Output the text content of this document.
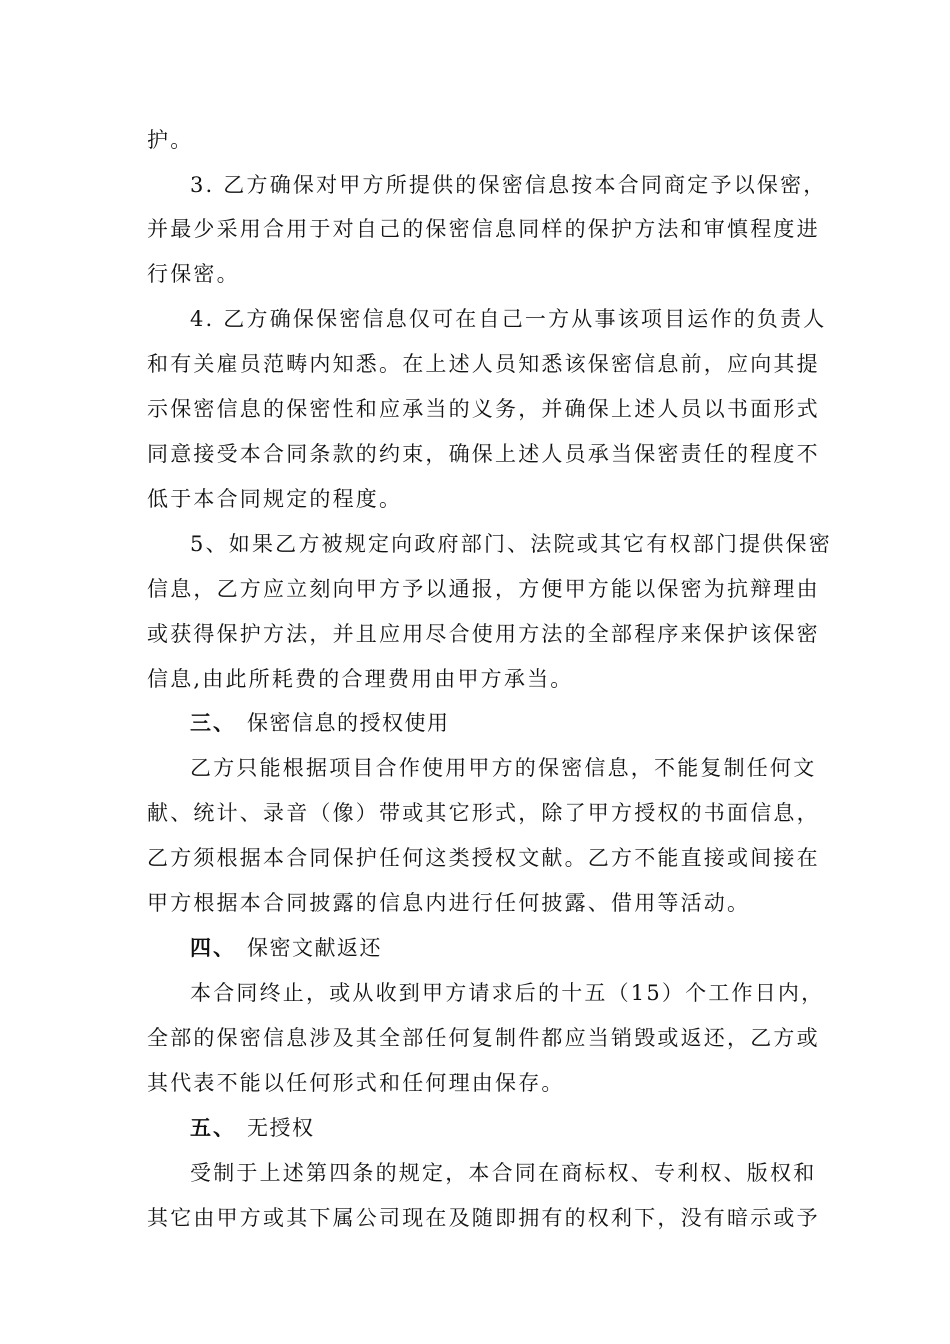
护。
3. 乙方确保对甲方所提供的保密信息按本合同商定予以保密，
并最少采用合用于对自己的保密信息同样的保护方法和审慎程度进
行保密。
4. 乙方确保保密信息仅可在自己一方从事该项目运作的负责人
和有关雇员范畴内知悉。在上述人员知悉该保密信息前，应向其提
示保密信息的保密性和应承当的义务，并确保上述人员以书面形式
同意接受本合同条款的约束，确保上述人员承当保密责任的程度不
低于本合同规定的程度。
5、如果乙方被规定向政府部门、法院或其它有权部门提供保密
信息，乙方应立刻向甲方予以通报，方便甲方能以保密为抗辩理由
或获得保护方法，并且应用尽合使用方法的全部程序来保护该保密
信息,由此所耗费的合理费用由甲方承当。
三、 保密信息的授权使用
乙方只能根据项目合作使用甲方的保密信息，不能复制任何文
献、统计、录音（像）带或其它形式，除了甲方授权的书面信息，
乙方须根据本合同保护任何这类授权文献。乙方不能直接或间接在
甲方根据本合同披露的信息内进行任何披露、借用等活动。
四、 保密文献返还
本合同终止，或从收到甲方请求后的十五（15）个工作日内，
全部的保密信息涉及其全部任何复制件都应当销毁或返还，乙方或
其代表不能以任何形式和任何理由保存。
五、 无授权
受制于上述第四条的规定，本合同在商标权、专利权、版权和
其它由甲方或其下属公司现在及随即拥有的权利下，没有暗示或予
